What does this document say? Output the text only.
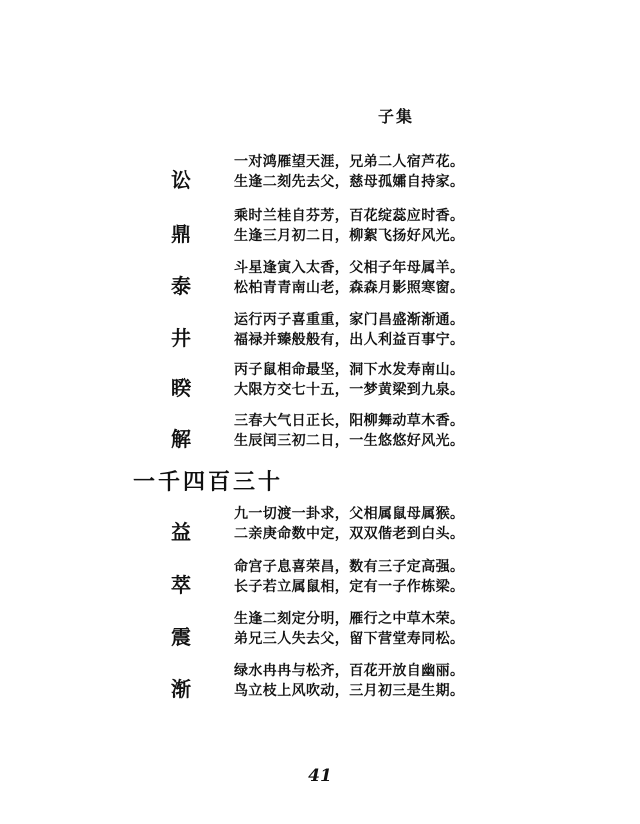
子集
讼
一对鸿雁望天涯，兄弟二人宿芦花。
生逢二刻先去父，慈母孤孀自持家。
鼎
乘时兰桂自芬芳，百花绽蕊应时香。
生逢三月初二日，柳絮飞扬好风光。
泰
斗星逢寅入太香，父相子年母属羊。
松柏青青南山老，森森月影照寒窗。
井
运行丙子喜重重，家门昌盛渐渐通。
福禄并臻般般有，出人利益百事宁。
睽
丙子鼠相命最坚，洞下水发寿南山。
大限方交七十五，一梦黄梁到九泉。
解
三春大气日正长，阳柳舞动草木香。
生辰闰三初二日，一生悠悠好风光。
一千四百三十
益
九一切渡一卦求，父相属鼠母属猴。
二亲庚命数中定，双双偕老到白头。
萃
命宫子息喜荣昌，数有三子定高强。
长子若立属鼠相，定有一子作栋梁。
震
生逢二刻定分明，雁行之中草木荣。
弟兄三人失去父，留下营堂寿同松。
渐
绿水冉冉与松齐，百花开放自幽丽。
鸟立枝上风吹动，三月初三是生期。
41
